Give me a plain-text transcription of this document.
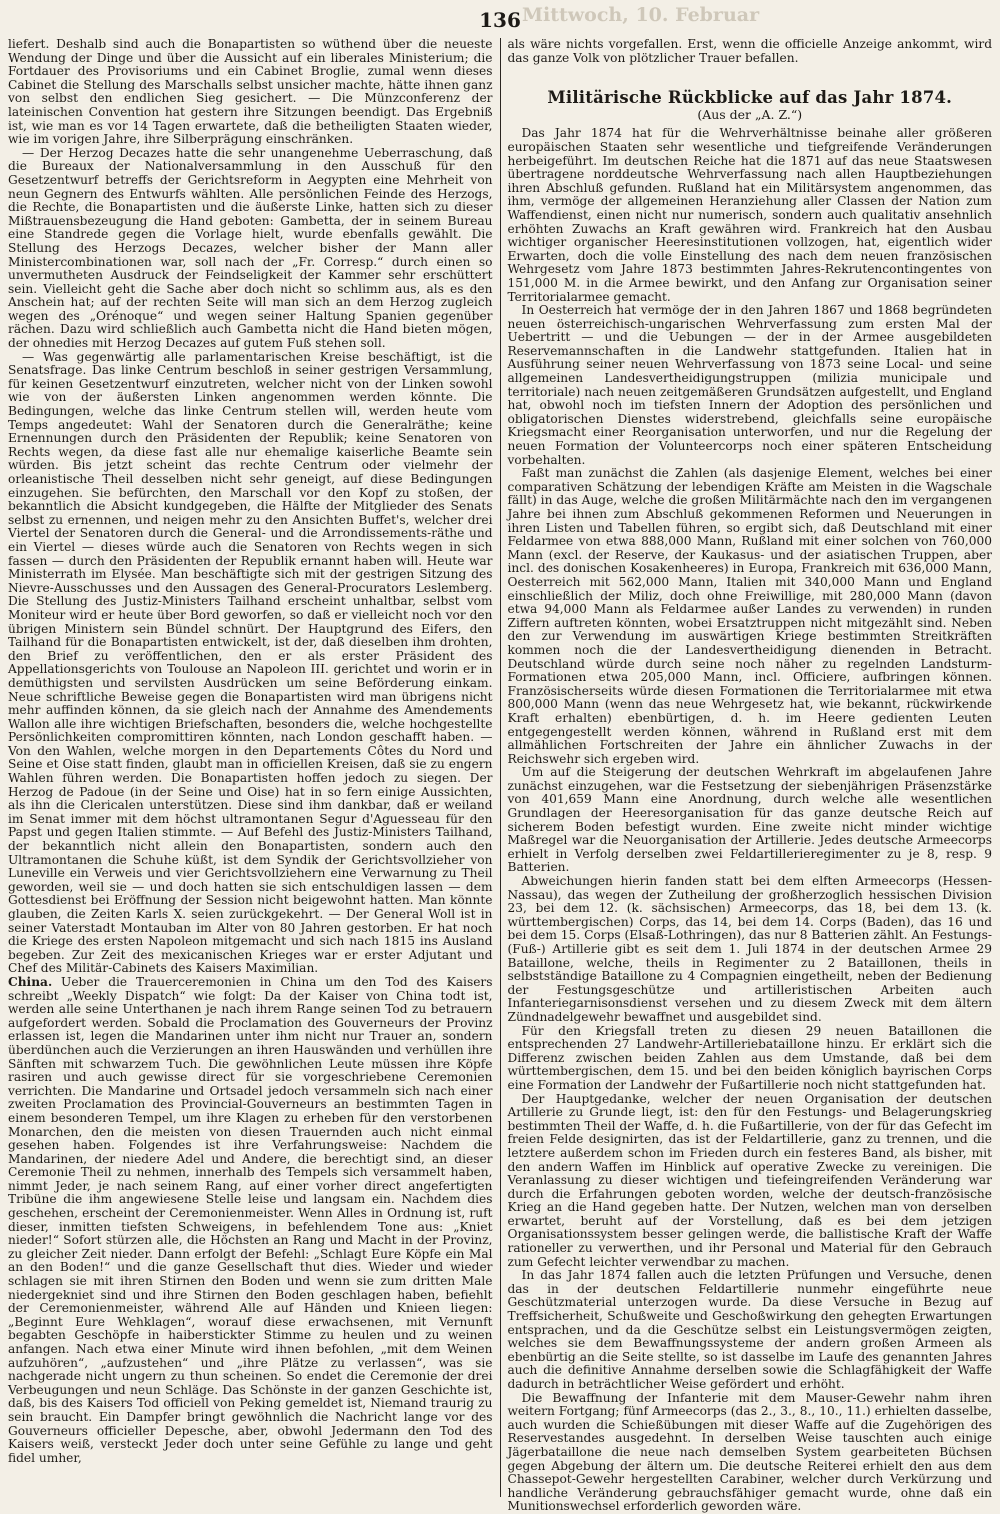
136 Mittwoch, 10. Februar

liefert. Deshalb sind auch die Bonapartisten so wüthend über die neueste Wendung der Dinge und über die Aussicht auf ein liberales Ministerium; die Fortdauer des Provisoriums und ein Cabinet Broglie, zumal wenn dieses Cabinet die Stellung des Marschalls selbst unsicher machte, hätte ihnen ganz von selbst den endlichen Sieg gesichert. — Die Münzconferenz der lateinischen Convention hat gestern ihre Sitzungen beendigt. Das Ergebniß ist, wie man es vor 14 Tagen erwartete, daß die betheiligten Staaten wieder, wie im vorigen Jahre, ihre Silberprägung einschränken.

— Der Herzog Decazes hatte die sehr unangenehme Ueberraschung, daß die Bureaux der Nationalversammlung in den Ausschuß für den Gesetzentwurf betreffs der Gerichtsreform in Aegypten eine Mehrheit von neun Gegnern des Entwurfs wählten. Alle persönlichen Feinde des Herzogs, die Rechte, die Bonapartisten und die äußerste Linke, hatten sich zu dieser Mißtrauensbezeugung die Hand geboten: Gambetta, der in seinem Bureau eine Standrede gegen die Vorlage hielt, wurde ebenfalls gewählt. Die Stellung des Herzogs Decazes, welcher bisher der Mann aller Ministercombinationen war, soll nach der „Fr. Corresp.“ durch einen so unvermutheten Ausdruck der Feindseligkeit der Kammer sehr erschüttert sein. Vielleicht geht die Sache aber doch nicht so schlimm aus, als es den Anschein hat; auf der rechten Seite will man sich an dem Herzog zugleich wegen des „Orénoque“ und wegen seiner Haltung Spanien gegenüber rächen. Dazu wird schließlich auch Gambetta nicht die Hand bieten mögen, der ohnedies mit Herzog Decazes auf gutem Fuß stehen soll.

— Was gegenwärtig alle parlamentarischen Kreise beschäftigt, ist die Senatsfrage. Das linke Centrum beschloß in seiner gestrigen Versammlung, für keinen Gesetzentwurf einzutreten, welcher nicht von der Linken sowohl wie von der äußersten Linken angenommen werden könnte. Die Bedingungen, welche das linke Centrum stellen will, werden heute vom Temps angedeutet: Wahl der Senatoren durch die Generalräthe; keine Ernennungen durch den Präsidenten der Republik; keine Senatoren von Rechts wegen, da diese fast alle nur ehemalige kaiserliche Beamte sein würden. Bis jetzt scheint das rechte Centrum oder vielmehr der orleanistische Theil desselben nicht sehr geneigt, auf diese Bedingungen einzugehen. Sie befürchten, den Marschall vor den Kopf zu stoßen, der bekanntlich die Absicht kundgegeben, die Hälfte der Mitglieder des Senats selbst zu ernennen, und neigen mehr zu den Ansichten Buffet's, welcher drei Viertel der Senatoren durch die General- und die Arrondissements-räthe und ein Viertel — dieses würde auch die Senatoren von Rechts wegen in sich fassen — durch den Präsidenten der Republik ernannt haben will. Heute war Ministerrath im Elysée. Man beschäftigte sich mit der gestrigen Sitzung des Nievre-Ausschusses und den Aussagen des General-Procurators Leslemberg. Die Stellung des Justiz-Ministers Tailhand erscheint unhaltbar, selbst vom Moniteur wird er heute über Bord geworfen, so daß er vielleicht noch vor den übrigen Ministern sein Bündel schnürt. Der Hauptgrund des Eifers, den Tailhand für die Bonapartisten entwickelt, ist der, daß dieselben ihm drohten, den Brief zu veröffentlichen, den er als erster Präsident des Appellationsgerichts von Toulouse an Napoleon III. gerichtet und worin er in demüthigsten und servilsten Ausdrücken um seine Beförderung einkam. Neue schriftliche Beweise gegen die Bonapartisten wird man übrigens nicht mehr auffinden können, da sie gleich nach der Annahme des Amendements Wallon alle ihre wichtigen Briefschaften, besonders die, welche hochgestellte Persönlichkeiten compromittiren könnten, nach London geschafft haben. — Von den Wahlen, welche morgen in den Departements Côtes du Nord und Seine et Oise statt finden, glaubt man in officiellen Kreisen, daß sie zu engern Wahlen führen werden. Die Bonapartisten hoffen jedoch zu siegen. Der Herzog de Padoue (in der Seine und Oise) hat in so fern einige Aussichten, als ihn die Clericalen unterstützen. Diese sind ihm dankbar, daß er weiland im Senat immer mit dem höchst ultramontanen Segur d'Aguesseau für den Papst und gegen Italien stimmte. — Auf Befehl des Justiz-Ministers Tailhand, der bekanntlich nicht allein den Bonapartisten, sondern auch den Ultramontanen die Schuhe küßt, ist dem Syndik der Gerichtsvollzieher von Luneville ein Verweis und vier Gerichtsvollziehern eine Verwarnung zu Theil geworden, weil sie — und doch hatten sie sich entschuldigen lassen — dem Gottesdienst bei Eröffnung der Session nicht beigewohnt hatten. Man könnte glauben, die Zeiten Karls X. seien zurückgekehrt. — Der General Woll ist in seiner Vaterstadt Montauban im Alter von 80 Jahren gestorben. Er hat noch die Kriege des ersten Napoleon mitgemacht und sich nach 1815 ins Ausland begeben. Zur Zeit des mexicanischen Krieges war er erster Adjutant und Chef des Militär-Cabinets des Kaisers Maximilian.

China. Ueber die Trauerceremonien in China um den Tod des Kaisers schreibt „Weekly Dispatch“ wie folgt: Da der Kaiser von China todt ist, werden alle seine Unterthanen je nach ihrem Range seinen Tod zu betrauern aufgefordert werden. Sobald die Proclamation des Gouverneurs der Provinz erlassen ist, legen die Mandarinen unter ihm nicht nur Trauer an, sondern überdünchen auch die Verzierungen an ihren Hauswänden und verhüllen ihre Sänften mit schwarzem Tuch. Die gewöhnlichen Leute müssen ihre Köpfe rasiren und auch gewisse direct für sie vorgeschriebene Ceremonien verrichten. Die Mandarine und Ortsadel jedoch versammeln sich nach einer zweiten Proclamation des Provincial-Gouverneurs an bestimmten Tagen in einem besonderen Tempel, um ihre Klagen zu erheben für den verstorbenen Monarchen, den die meisten von diesen Trauernden auch nicht einmal gesehen haben. Folgendes ist ihre Verfahrungsweise: Nachdem die Mandarinen, der niedere Adel und Andere, die berechtigt sind, an dieser Ceremonie Theil zu nehmen, innerhalb des Tempels sich versammelt haben, nimmt Jeder, je nach seinem Rang, auf einer vorher direct angefertigten Tribüne die ihm angewiesene Stelle leise und langsam ein. Nachdem dies geschehen, erscheint der Ceremonienmeister. Wenn Alles in Ordnung ist, ruft dieser, inmitten tiefsten Schweigens, in befehlendem Tone aus: „Kniet nieder!“ Sofort stürzen alle, die Höchsten an Rang und Macht in der Provinz, zu gleicher Zeit nieder. Dann erfolgt der Befehl: „Schlagt Eure Köpfe ein Mal an den Boden!“ und die ganze Gesellschaft thut dies. Wieder und wieder schlagen sie mit ihren Stirnen den Boden und wenn sie zum dritten Male niedergekniet sind und ihre Stirnen den Boden geschlagen haben, befiehlt der Ceremonienmeister, während Alle auf Händen und Knieen liegen: „Beginnt Eure Wehklagen“, worauf diese erwachsenen, mit Vernunft begabten Geschöpfe in haiberstickter Stimme zu heulen und zu weinen anfangen. Nach etwa einer Minute wird ihnen befohlen, „mit dem Weinen aufzuhören“, „aufzustehen“ und „ihre Plätze zu verlassen“, was sie nachgerade nicht ungern zu thun scheinen. So endet die Ceremonie der drei Verbeugungen und neun Schläge. Das Schönste in der ganzen Geschichte ist, daß, bis des Kaisers Tod officiell von Peking gemeldet ist, Niemand traurig zu sein braucht. Ein Dampfer bringt gewöhnlich die Nachricht lange vor des Gouverneurs officieller Depesche, aber, obwohl Jedermann den Tod des Kaisers weiß, versteckt Jeder doch unter seine Gefühle zu lange und geht fidel umher,

als wäre nichts vorgefallen. Erst, wenn die officielle Anzeige ankommt, wird das ganze Volk von plötzlicher Trauer befallen.

Militärische Rückblicke auf das Jahr 1874.
(Aus der „A. Z.“)

Das Jahr 1874 hat für die Wehrverhältnisse beinahe aller größeren europäischen Staaten sehr wesentliche und tiefgreifende Veränderungen herbeigeführt. Im deutschen Reiche hat die 1871 auf das neue Staatswesen übertragene norddeutsche Wehrverfassung nach allen Hauptbeziehungen ihren Abschluß gefunden. Rußland hat ein Militärsystem angenommen, das ihm, vermöge der allgemeinen Heranziehung aller Classen der Nation zum Waffendienst, einen nicht nur numerisch, sondern auch qualitativ ansehnlich erhöhten Zuwachs an Kraft gewähren wird. Frankreich hat den Ausbau wichtiger organischer Heeresinstitutionen vollzogen, hat, eigentlich wider Erwarten, doch die volle Einstellung des nach dem neuen französischen Wehrgesetz vom Jahre 1873 bestimmten Jahres-Rekrutencontingentes von 151,000 M. in die Armee bewirkt, und den Anfang zur Organisation seiner Territorialarmee gemacht.

In Oesterreich hat vermöge der in den Jahren 1867 und 1868 begründeten neuen österreichisch-ungarischen Wehrverfassung zum ersten Mal der Uebertritt — und die Uebungen — der in der Armee ausgebildeten Reservemannschaften in die Landwehr stattgefunden. Italien hat in Ausführung seiner neuen Wehrverfassung von 1873 seine Local- und seine allgemeinen Landesvertheidigungstruppen (milizia municipale und territoriale) nach neuen zeitgemäßeren Grundsätzen aufgestellt, und England hat, obwohl noch im tiefsten Innern der Adoption des persönlichen und obligatorischen Dienstes widerstrebend, gleichfalls seine europäische Kriegsmacht einer Reorganisation unterworfen, und nur die Regelung der neuen Formation der Volunteercorps noch einer späteren Entscheidung vorbehalten.

Faßt man zunächst die Zahlen (als dasjenige Element, welches bei einer comparativen Schätzung der lebendigen Kräfte am Meisten in die Wagschale fällt) in das Auge, welche die großen Militärmächte nach den im vergangenen Jahre bei ihnen zum Abschluß gekommenen Reformen und Neuerungen in ihren Listen und Tabellen führen, so ergibt sich, daß Deutschland mit einer Feldarmee von etwa 888,000 Mann, Rußland mit einer solchen von 760,000 Mann (excl. der Reserve, der Kaukasus- und der asiatischen Truppen, aber incl. des donischen Kosakenheeres) in Europa, Frankreich mit 636,000 Mann, Oesterreich mit 562,000 Mann, Italien mit 340,000 Mann und England einschließlich der Miliz, doch ohne Freiwillige, mit 280,000 Mann (davon etwa 94,000 Mann als Feldarmee außer Landes zu verwenden) in runden Ziffern auftreten könnten, wobei Ersatztruppen nicht mitgezählt sind. Neben den zur Verwendung im auswärtigen Kriege bestimmten Streitkräften kommen noch die der Landesvertheidigung dienenden in Betracht. Deutschland würde durch seine noch näher zu regelnden Landsturm-Formationen etwa 205,000 Mann, incl. Officiere, aufbringen können. Französischerseits würde diesen Formationen die Territorialarmee mit etwa 800,000 Mann (wenn das neue Wehrgesetz hat, wie bekannt, rückwirkende Kraft erhalten) ebenbürtigen, d. h. im Heere gedienten Leuten entgegengestellt werden können, während in Rußland erst mit dem allmählichen Fortschreiten der Jahre ein ähnlicher Zuwachs in der Reichswehr sich ergeben wird.

Um auf die Steigerung der deutschen Wehrkraft im abgelaufenen Jahre zunächst einzugehen, war die Festsetzung der siebenjährigen Präsenzstärke von 401,659 Mann eine Anordnung, durch welche alle wesentlichen Grundlagen der Heeresorganisation für das ganze deutsche Reich auf sicherem Boden befestigt wurden. Eine zweite nicht minder wichtige Maßregel war die Neuorganisation der Artillerie. Jedes deutsche Armeecorps erhielt in Verfolg derselben zwei Feldartillerieregimenter zu je 8, resp. 9 Batterien.

Abweichungen hierin fanden statt bei dem elften Armeecorps (Hessen-Nassau), das wegen der Zutheilung der großherzoglich hessischen Division 23, bei dem 12. (k. sächsischen) Armeecorps, das 18, bei dem 13. (k. württembergischen) Corps, das 14, bei dem 14. Corps (Baden), das 16 und bei dem 15. Corps (Elsaß-Lothringen), das nur 8 Batterien zählt. An Festungs- (Fuß-) Artillerie gibt es seit dem 1. Juli 1874 in der deutschen Armee 29 Bataillone, welche, theils in Regimenter zu 2 Bataillonen, theils in selbstständige Bataillone zu 4 Compagnien eingetheilt, neben der Bedienung der Festungsgeschütze und artilleristischen Arbeiten auch Infanteriegarnisonsdienst versehen und zu diesem Zweck mit dem ältern Zündnadelgewehr bewaffnet und ausgebildet sind.

Für den Kriegsfall treten zu diesen 29 neuen Bataillonen die entsprechenden 27 Landwehr-Artilleriebataillone hinzu. Er erklärt sich die Differenz zwischen beiden Zahlen aus dem Umstande, daß bei dem württembergischen, dem 15. und bei den beiden königlich bayrischen Corps eine Formation der Landwehr der Fußartillerie noch nicht stattgefunden hat.

Der Hauptgedanke, welcher der neuen Organisation der deutschen Artillerie zu Grunde liegt, ist: den für den Festungs- und Belagerungskrieg bestimmten Theil der Waffe, d. h. die Fußartillerie, von der für das Gefecht im freien Felde designirten, das ist der Feldartillerie, ganz zu trennen, und die letztere außerdem schon im Frieden durch ein festeres Band, als bisher, mit den andern Waffen im Hinblick auf operative Zwecke zu vereinigen. Die Veranlassung zu dieser wichtigen und tiefeingreifenden Veränderung war durch die Erfahrungen geboten worden, welche der deutsch-französische Krieg an die Hand gegeben hatte. Der Nutzen, welchen man von derselben erwartet, beruht auf der Vorstellung, daß es bei dem jetzigen Organisationssystem besser gelingen werde, die ballistische Kraft der Waffe rationeller zu verwerthen, und ihr Personal und Material für den Gebrauch zum Gefecht leichter verwendbar zu machen.

In das Jahr 1874 fallen auch die letzten Prüfungen und Versuche, denen das in der deutschen Feldartillerie nunmehr eingeführte neue Geschützmaterial unterzogen wurde. Da diese Versuche in Bezug auf Treffsicherheit, Schußweite und Geschoßwirkung den gehegten Erwartungen entsprachen, und da die Geschütze selbst ein Leistungsvermögen zeigten, welches sie dem Bewaffnungssysteme der andern großen Armeen als ebenbürtig an die Seite stellte, so ist dasselbe im Laufe des genannten Jahres auch die definitive Annahme derselben sowie die Schlagfähigkeit der Waffe dadurch in beträchtlicher Weise gefördert und erhöht.

Die Bewaffnung der Infanterie mit dem Mauser-Gewehr nahm ihren weitern Fortgang; fünf Armeecorps (das 2., 3., 8., 10., 11.) erhielten dasselbe, auch wurden die Schießübungen mit dieser Waffe auf die Zugehörigen des Reservestandes ausgedehnt. In derselben Weise tauschten auch einige Jägerbataillone die neue nach demselben System gearbeiteten Büchsen gegen Abgebung der ältern um. Die deutsche Reiterei erhielt den aus dem Chassepot-Gewehr hergestellten Carabiner, welcher durch Verkürzung und handliche Veränderung gebrauchsfähiger gemacht wurde, ohne daß ein Munitionswechsel erforderlich geworden wäre.
